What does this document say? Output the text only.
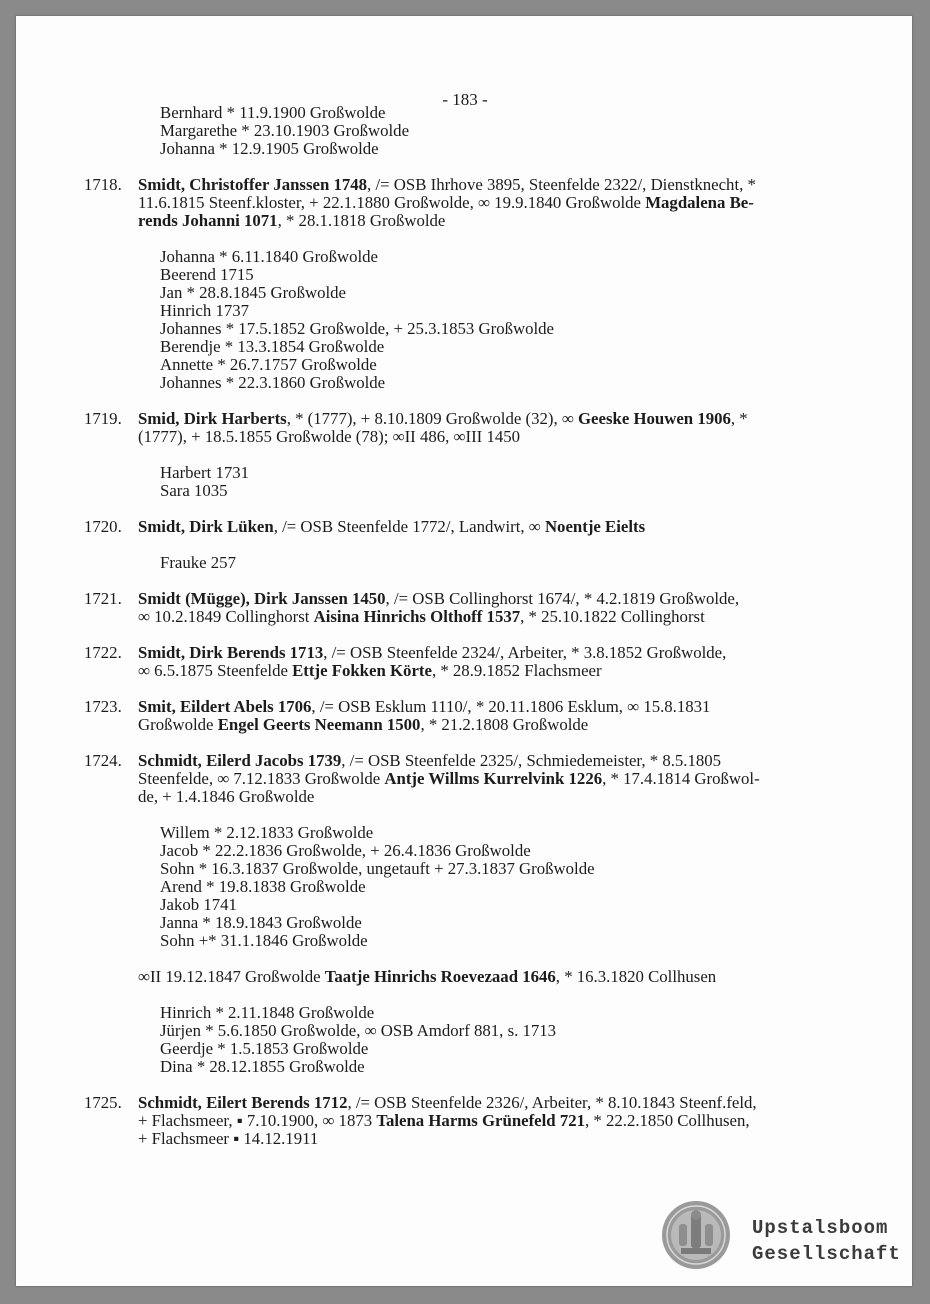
- 183 -
Bernhard * 11.9.1900 Großwolde
Margarethe * 23.10.1903 Großwolde
Johanna * 12.9.1905 Großwolde
1718. Smidt, Christoffer Janssen 1748, /= OSB Ihrhove 3895, Steenfelde 2322/, Dienstknecht, *
11.6.1815 Steenf.kloster, + 22.1.1880 Großwolde, ∞ 19.9.1840 Großwolde Magdalena Be-
rends Johanni 1071, * 28.1.1818 Großwolde
Johanna * 6.11.1840 Großwolde
Beerend 1715
Jan * 28.8.1845 Großwolde
Hinrich 1737
Johannes * 17.5.1852 Großwolde, + 25.3.1853 Großwolde
Berendje * 13.3.1854 Großwolde
Annette * 26.7.1757 Großwolde
Johannes * 22.3.1860 Großwolde
1719. Smid, Dirk Harberts, * (1777), + 8.10.1809 Großwolde (32), ∞ Geeske Houwen 1906, *
(1777), + 18.5.1855 Großwolde (78); ∞II 486, ∞III 1450
Harbert 1731
Sara 1035
1720. Smidt, Dirk Lüken, /= OSB Steenfelde 1772/, Landwirt, ∞ Noentje Eielts
Frauke 257
1721. Smidt (Mügge), Dirk Janssen 1450, /= OSB Collinghorst 1674/, * 4.2.1819 Großwolde,
∞ 10.2.1849 Collinghorst Aisina Hinrichs Olthoff 1537, * 25.10.1822 Collinghorst
1722. Smidt, Dirk Berends 1713, /= OSB Steenfelde 2324/, Arbeiter, * 3.8.1852 Großwolde,
∞ 6.5.1875 Steenfelde Ettje Fokken Körte, * 28.9.1852 Flachsmeer
1723. Smit, Eildert Abels 1706, /= OSB Esklum 1110/, * 20.11.1806 Esklum, ∞ 15.8.1831
Großwolde Engel Geerts Neemann 1500, * 21.2.1808 Großwolde
1724. Schmidt, Eilerd Jacobs 1739, /= OSB Steenfelde 2325/, Schmiedemeister, * 8.5.1805
Steenfelde, ∞ 7.12.1833 Großwolde Antje Willms Kurrelvink 1226, * 17.4.1814 Großwol-
de, + 1.4.1846 Großwolde
Willem * 2.12.1833 Großwolde
Jacob * 22.2.1836 Großwolde, + 26.4.1836 Großwolde
Sohn * 16.3.1837 Großwolde, ungetauft + 27.3.1837 Großwolde
Arend * 19.8.1838 Großwolde
Jakob 1741
Janna * 18.9.1843 Großwolde
Sohn +* 31.1.1846 Großwolde
∞II 19.12.1847 Großwolde Taatje Hinrichs Roevezaad 1646, * 16.3.1820 Collhusen
Hinrich * 2.11.1848 Großwolde
Jürjen * 5.6.1850 Großwolde, ∞ OSB Amdorf 881, s. 1713
Geerdje * 1.5.1853 Großwolde
Dina * 28.12.1855 Großwolde
1725. Schmidt, Eilert Berends 1712, /= OSB Steenfelde 2326/, Arbeiter, * 8.10.1843 Steenf.feld,
+ Flachsmeer, ▪ 7.10.1900, ∞ 1873 Talena Harms Grünefeld 721, * 22.2.1850 Collhusen,
+ Flachsmeer ▪ 14.12.1911
Upstalsboom
Gesellschaft
